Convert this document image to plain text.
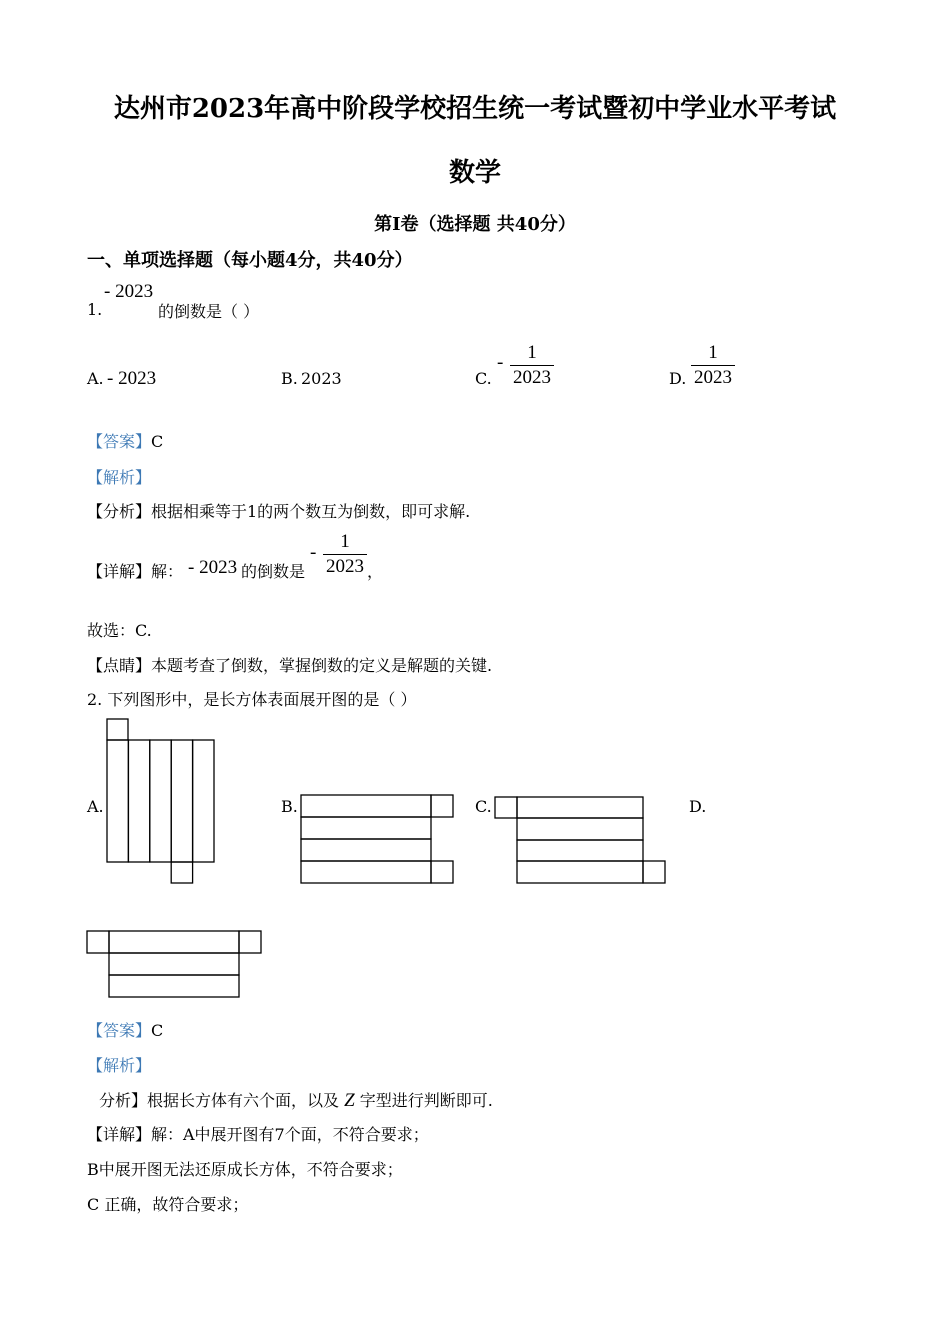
达州市2023年高中阶段学校招生统一考试暨初中学业水平考试
数学
第Ⅰ卷（选择题 共40分）
一、单项选择题（每小题4分，共40分）
- 2023
1.	的倒数是（ ）
A. - 2023	B. 2023	C.
-	1
2023	D.
1
2023
【答案】C
【解析】
【分析】根据相乘等于1的两个数互为倒数，即可求解.
【详解】解： - 2023 的倒数是
-
1
2023 ，
故选：C.
【点睛】本题考查了倒数，掌握倒数的定义是解题的关键.
2. 下列图形中，是长方体表面展开图的是（ ）
A.	B.	C.	D.
【答案】C
【解析】
分析】根据长方体有六个面，以及 Z 字型进行判断即可.
【详解】解：A中展开图有7个面，不符合要求；
B中展开图无法还原成长方体，不符合要求；
C 正确，故符合要求；
